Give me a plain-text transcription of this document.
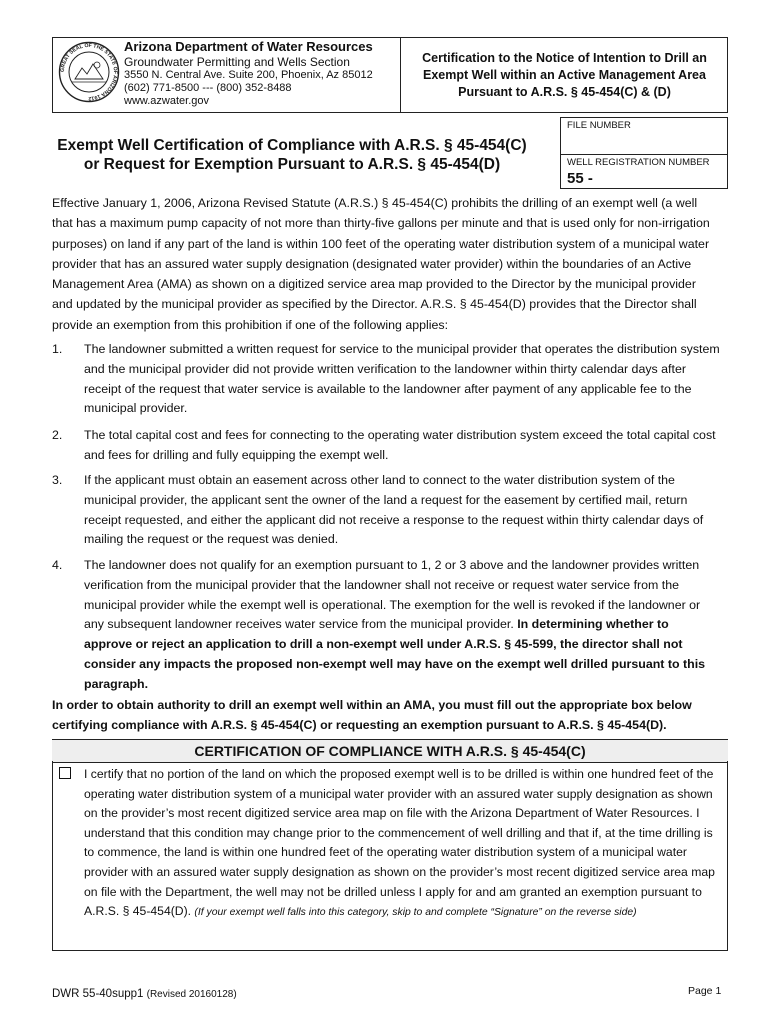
GREAT SEAL OF THE STATE OF ARIZONA 1912
Arizona Department of Water Resources
Groundwater Permitting and Wells Section
3550 N. Central Ave. Suite 200, Phoenix, Az 85012
(602) 771-8500 --- (800) 352-8488
www.azwater.gov
Certification to the Notice of Intention to Drill an Exempt Well within an Active Management Area Pursuant to A.R.S. § 45-454(C) & (D)
Exempt Well Certification of Compliance with A.R.S. § 45-454(C)
or Request for Exemption Pursuant to A.R.S. § 45-454(D)
FILE NUMBER
WELL REGISTRATION NUMBER
55 -
Effective January 1, 2006, Arizona Revised Statute (A.R.S.) § 45-454(C) prohibits the drilling of an exempt well (a well that has a maximum pump capacity of not more than thirty-five gallons per minute and that is used only for non-irrigation purposes) on land if any part of the land is within 100 feet of the operating water distribution system of a municipal water provider that has an assured water supply designation (designated water provider) within the boundaries of an Active Management Area (AMA) as shown on a digitized service area map provided to the Director by the municipal provider and updated by the municipal provider as specified by the Director. A.R.S. § 45-454(D) provides that the Director shall provide an exemption from this prohibition if one of the following applies:
1. The landowner submitted a written request for service to the municipal provider that operates the distribution system and the municipal provider did not provide written verification to the landowner within thirty calendar days after receipt of the request that water service is available to the landowner after payment of any applicable fee to the municipal provider.
2. The total capital cost and fees for connecting to the operating water distribution system exceed the total capital cost and fees for drilling and fully equipping the exempt well.
3. If the applicant must obtain an easement across other land to connect to the water distribution system of the municipal provider, the applicant sent the owner of the land a request for the easement by certified mail, return receipt requested, and either the applicant did not receive a response to the request within thirty calendar days of mailing the request or the request was denied.
4. The landowner does not qualify for an exemption pursuant to 1, 2 or 3 above and the landowner provides written verification from the municipal provider that the landowner shall not receive or request water service from the municipal provider while the exempt well is operational. The exemption for the well is revoked if the landowner or any subsequent landowner receives water service from the municipal provider. In determining whether to approve or reject an application to drill a non-exempt well under A.R.S. § 45-599, the director shall not consider any impacts the proposed non-exempt well may have on the exempt well drilled pursuant to this paragraph.
In order to obtain authority to drill an exempt well within an AMA, you must fill out the appropriate box below certifying compliance with A.R.S. § 45-454(C) or requesting an exemption pursuant to A.R.S. § 45-454(D).
CERTIFICATION OF COMPLIANCE WITH A.R.S. § 45-454(C)
I certify that no portion of the land on which the proposed exempt well is to be drilled is within one hundred feet of the operating water distribution system of a municipal water provider with an assured water supply designation as shown on the provider’s most recent digitized service area map on file with the Arizona Department of Water Resources. I understand that this condition may change prior to the commencement of well drilling and that if, at the time drilling is to commence, the land is within one hundred feet of the operating water distribution system of a municipal water provider with an assured water supply designation as shown on the provider’s most recent digitized service area map on file with the Department, the well may not be drilled unless I apply for and am granted an exemption pursuant to A.R.S. § 45-454(D). (If your exempt well falls into this category, skip to and complete “Signature” on the reverse side)
DWR 55-40supp1 (Revised 20160128)	Page 1
